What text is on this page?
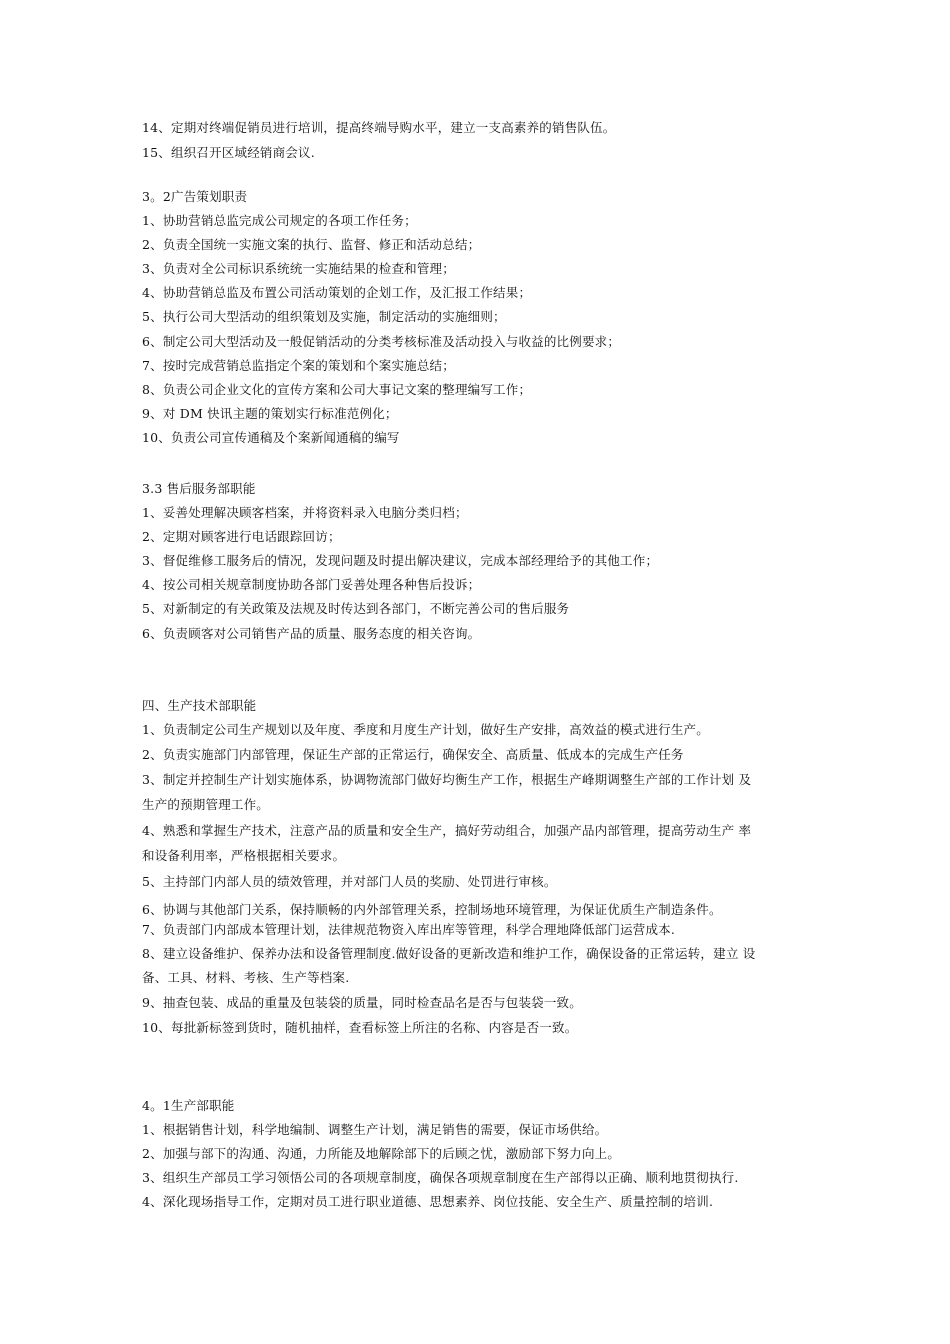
14、定期对终端促销员进行培训，提高终端导购水平，建立一支高素养的销售队伍。
15、组织召开区域经销商会议.
3。2广告策划职责
1、协助营销总监完成公司规定的各项工作任务；
2、负责全国统一实施文案的执行、监督、修正和活动总结；
3、负责对全公司标识系统统一实施结果的检查和管理；
4、协助营销总监及布置公司活动策划的企划工作，及汇报工作结果；
5、执行公司大型活动的组织策划及实施，制定活动的实施细则；
6、制定公司大型活动及一般促销活动的分类考核标准及活动投入与收益的比例要求；
7、按时完成营销总监指定个案的策划和个案实施总结；
8、负责公司企业文化的宣传方案和公司大事记文案的整理编写工作；
9、对 DM 快讯主题的策划实行标准范例化；
10、负责公司宣传通稿及个案新闻通稿的编写
3.3 售后服务部职能
1、妥善处理解决顾客档案，并将资料录入电脑分类归档；
2、定期对顾客进行电话跟踪回访；
3、督促维修工服务后的情况，发现问题及时提出解决建议，完成本部经理给予的其他工作；
4、按公司相关规章制度协助各部门妥善处理各种售后投诉；
5、对新制定的有关政策及法规及时传达到各部门，不断完善公司的售后服务
6、负责顾客对公司销售产品的质量、服务态度的相关咨询。
四、生产技术部职能
1、负责制定公司生产规划以及年度、季度和月度生产计划，做好生产安排，高效益的模式进行生产。
2、负责实施部门内部管理，保证生产部的正常运行，确保安全、高质量、低成本的完成生产任务
3、制定并控制生产计划实施体系，协调物流部门做好均衡生产工作，根据生产峰期调整生产部的工作计划 及
生产的预期管理工作。
4、熟悉和掌握生产技术，注意产品的质量和安全生产，搞好劳动组合，加强产品内部管理，提高劳动生产 率
和设备利用率，严格根据相关要求。
5、主持部门内部人员的绩效管理，并对部门人员的奖励、处罚进行审核。
6、协调与其他部门关系，保持顺畅的内外部管理关系，控制场地环境管理，为保证优质生产制造条件。
7、负责部门内部成本管理计划，法律规范物资入库出库等管理，科学合理地降低部门运营成本.
8、建立设备维护、保养办法和设备管理制度.做好设备的更新改造和维护工作，确保设备的正常运转，建立 设
备、工具、材料、考核、生产等档案.
9、抽查包装、成品的重量及包装袋的质量，同时检查品名是否与包装袋一致。
10、每批新标签到货时，随机抽样，查看标签上所注的名称、内容是否一致。
4。1生产部职能
1、根据销售计划，科学地编制、调整生产计划，满足销售的需要，保证市场供给。
2、加强与部下的沟通、沟通，力所能及地解除部下的后顾之忧，激励部下努力向上。
3、组织生产部员工学习领悟公司的各项规章制度，确保各项规章制度在生产部得以正确、顺利地贯彻执行.
4、深化现场指导工作，定期对员工进行职业道德、思想素养、岗位技能、安全生产、质量控制的培训.
